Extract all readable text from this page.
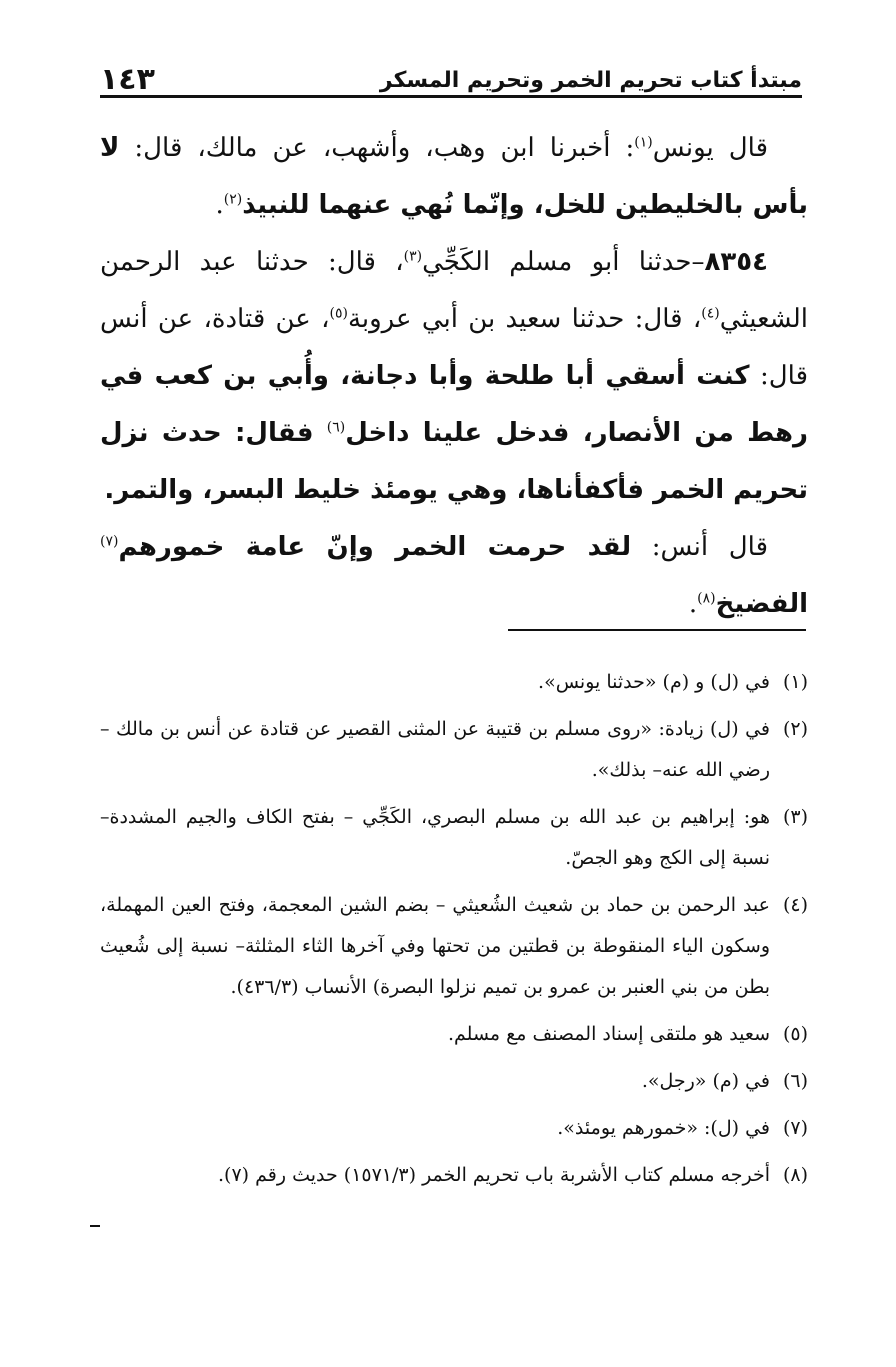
مبتدأ كتاب تحريم الخمر وتحريم المسكر
١٤٣

قال يونس$^{(١)}$: أخبرنا ابن وهب، وأشهب، عن مالك، قال: لا بأس بالخليطين للخل، وإنّما نُهي عنهما للنبيذ$^{(٢)}$.

٨٣٥٤–حدثنا أبو مسلم الكَجِّي$^{(٣)}$، قال: حدثنا عبد الرحمن الشعيثي$^{(٤)}$، قال: حدثنا سعيد بن أبي عروبة$^{(٥)}$، عن قتادة، عن أنس قال: كنت أسقي أبا طلحة وأبا دجانة، وأُبي بن كعب في رهط من الأنصار، فدخل علينا داخل$^{(٦)}$ فقال: حدث نزل تحريم الخمر فأكفأناها، وهي يومئذ خليط البسر، والتمر.

قال أنس: لقد حرمت الخمر وإنّ عامة خمورهم$^{(٧)}$ الفضيخ$^{(٨)}$.

(١)
في (ل) و (م) «حدثنا يونس».

(٢)
في (ل) زيادة: «روى مسلم بن قتيبة عن المثنى القصير عن قتادة عن أنس بن مالك – رضي الله عنه– بذلك».

(٣)
هو: إبراهيم بن عبد الله بن مسلم البصري، الكَجِّي – بفتح الكاف والجيم المشددة– نسبة إلى الكج وهو الجصّ.

(٤)
عبد الرحمن بن حماد بن شعيث الشُعيثي – بضم الشين المعجمة، وفتح العين المهملة، وسكون الياء المنقوطة بن قطتين من تحتها وفي آخرها الثاء المثلثة– نسبة إلى شُعيث بطن من بني العنبر بن عمرو بن تميم نزلوا البصرة) الأنساب (٤٣٦/٣).

(٥)
سعيد هو ملتقى إسناد المصنف مع مسلم.

(٦)
في (م) «رجل».

(٧)
في (ل): «خمورهم يومئذ».

(٨)
أخرجه مسلم كتاب الأشربة باب تحريم الخمر (١٥٧١/٣) حديث رقم (٧).
